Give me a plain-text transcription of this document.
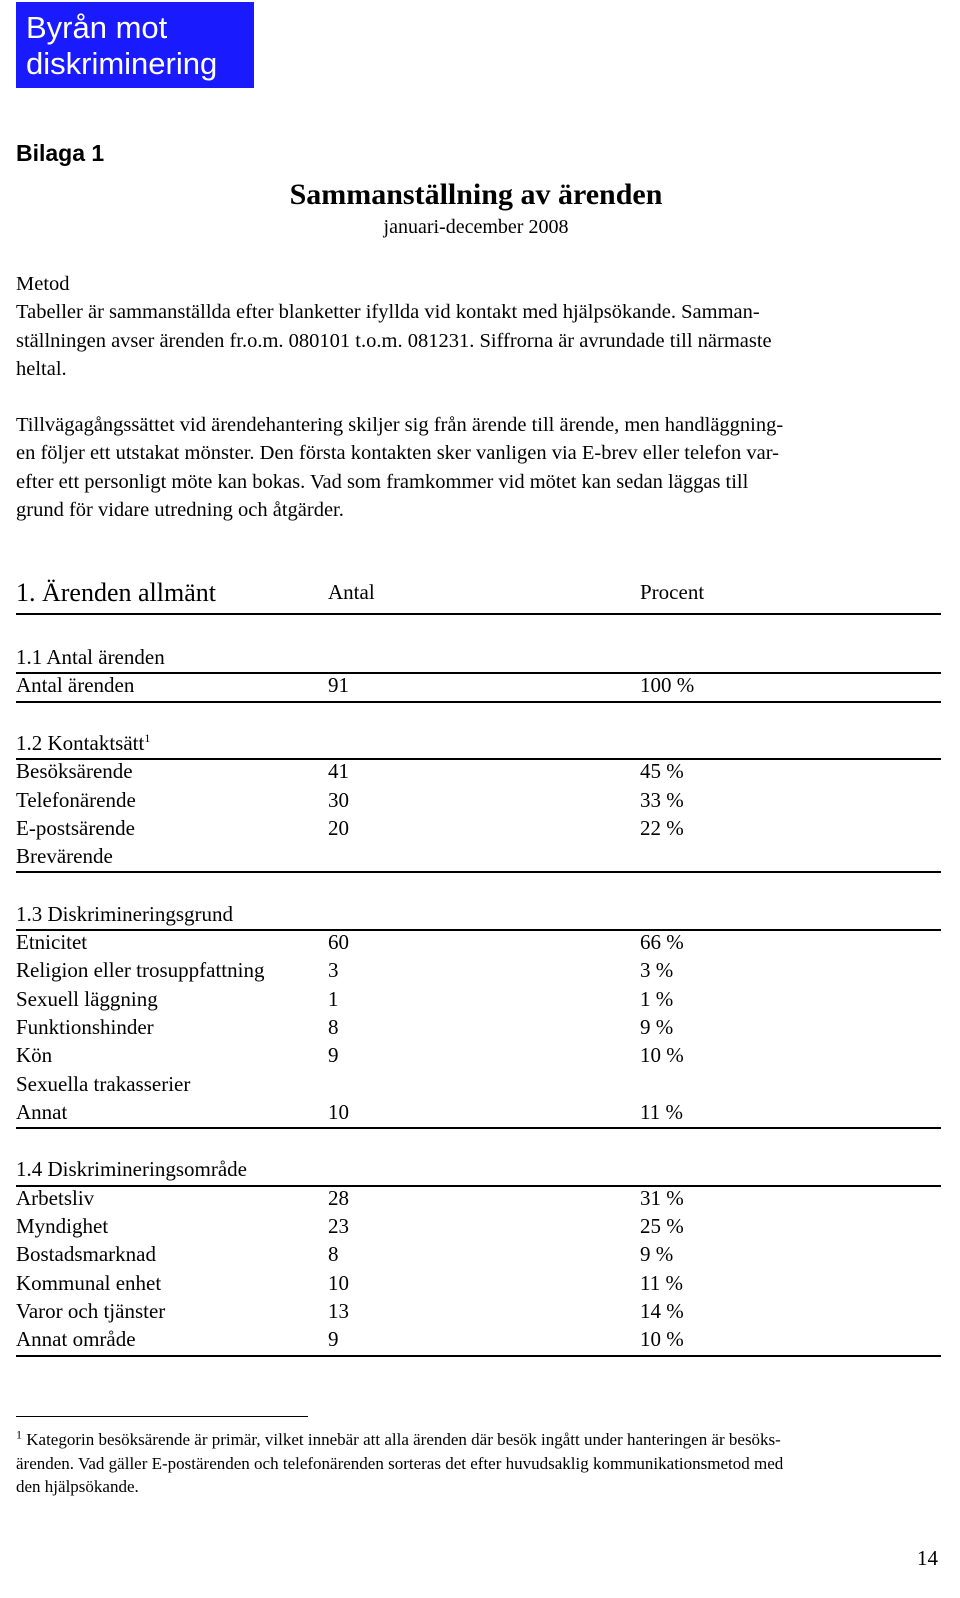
Byrån mot
diskriminering
Bilaga 1
Sammanställning av ärenden
januari-december 2008
Metod
Tabeller är sammanställda efter blanketter ifyllda vid kontakt med hjälpsökande. Samman-
ställningen avser ärenden fr.o.m. 080101 t.o.m. 081231. Siffrorna är avrundade till närmaste
heltal.
Tillvägagångssättet vid ärendehantering skiljer sig från ärende till ärende, men handläggning-
en följer ett utstakat mönster. Den första kontakten sker vanligen via E-brev eller telefon var-
efter ett personligt möte kan bokas. Vad som framkommer vid mötet kan sedan läggas till
grund för vidare utredning och åtgärder.
1. Ärenden allmänt	Antal	Procent
1.1 Antal ärenden
Antal ärenden	91	100 %
1.2 Kontaktsätt$^1$
Besöksärende	41	45 %
Telefonärende	30	33 %
E-postsärende	20	22 %
Brevärende
1.3 Diskrimineringsgrund
Etnicitet	60	66 %
Religion eller trosuppfattning	3	3 %
Sexuell läggning	1	1 %
Funktionshinder	8	9 %
Kön	9	10 %
Sexuella trakasserier
Annat	10	11 %
1.4 Diskrimineringsområde
Arbetsliv	28	31 %
Myndighet	23	25 %
Bostadsmarknad	8	9 %
Kommunal enhet	10	11 %
Varor och tjänster	13	14 %
Annat område	9	10 %
$^1$ Kategorin besöksärende är primär, vilket innebär att alla ärenden där besök ingått under hanteringen är besöks-
ärenden. Vad gäller E-postärenden och telefonärenden sorteras det efter huvudsaklig kommunikationsmetod med
den hjälpsökande.
14
